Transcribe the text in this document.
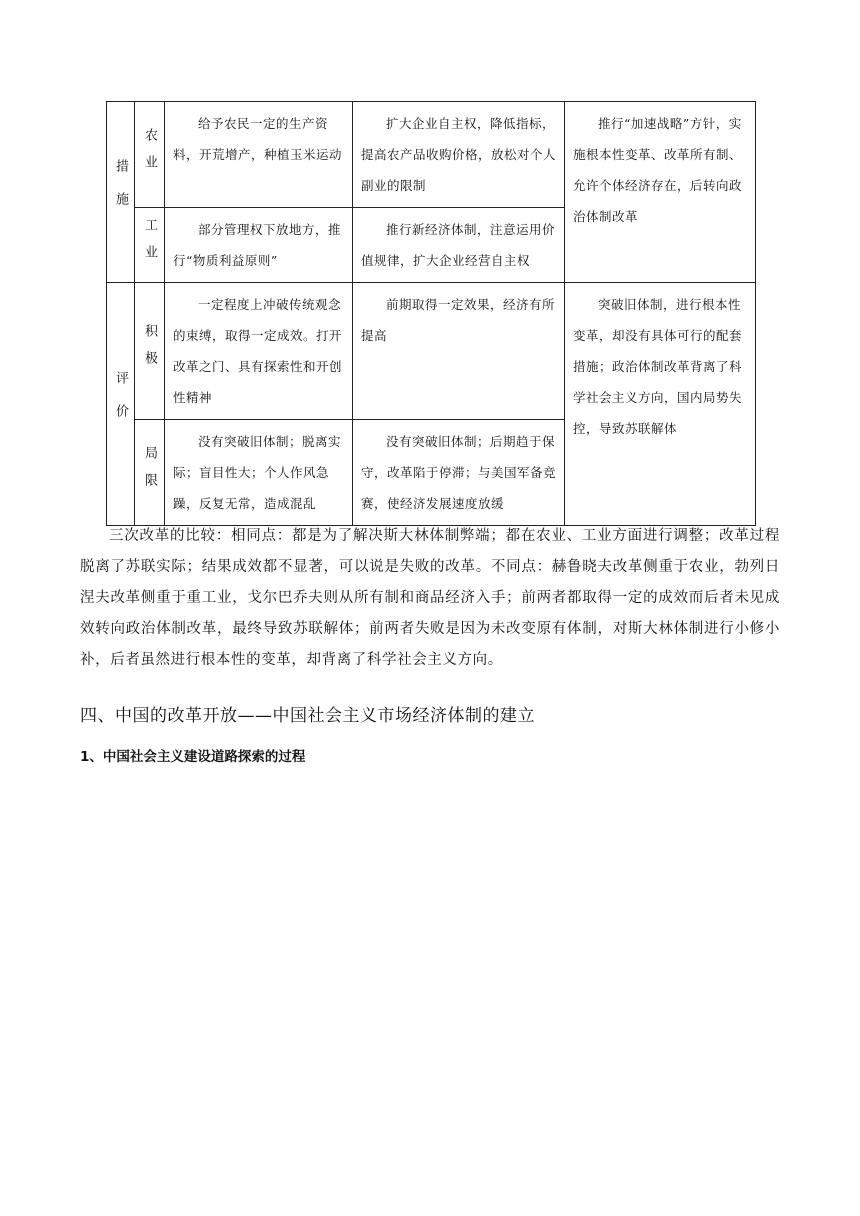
措施	农业	给予农民一定的生产资料，开荒增产，种植玉米运动	扩大企业自主权，降低指标，提高农产品收购价格，放松对个人副业的限制	推行“加速战略”方针，实施根本性变革、改革所有制、允许个体经济存在，后转向政治体制改革
	工业	部分管理权下放地方，推行“物质利益原则”	推行新经济体制，注意运用价值规律，扩大企业经营自主权	
评价	积极	一定程度上冲破传统观念的束缚，取得一定成效。打开改革之门、具有探索性和开创性精神	前期取得一定效果，经济有所提高	突破旧体制，进行根本性变革，却没有具体可行的配套措施；政治体制改革背离了科学社会主义方向，国内局势失控，导致苏联解体
	局限	没有突破旧体制；脱离实际；盲目性大；个人作风急躁，反复无常，造成混乱	没有突破旧体制；后期趋于保守，改革陷于停滞；与美国军备竞赛，使经济发展速度放缓	
三次改革的比较：相同点：都是为了解决斯大林体制弊端；都在农业、工业方面进行调整；改革过程脱离了苏联实际；结果成效都不显著，可以说是失败的改革。不同点：赫鲁晓夫改革侧重于农业，勃列日涅夫改革侧重于重工业，戈尔巴乔夫则从所有制和商品经济入手；前两者都取得一定的成效而后者未见成效转向政治体制改革，最终导致苏联解体；前两者失败是因为未改变原有体制，对斯大林体制进行小修小补，后者虽然进行根本性的变革，却背离了科学社会主义方向。
四、中国的改革开放——中国社会主义市场经济体制的建立
1、中国社会主义建设道路探索的过程
